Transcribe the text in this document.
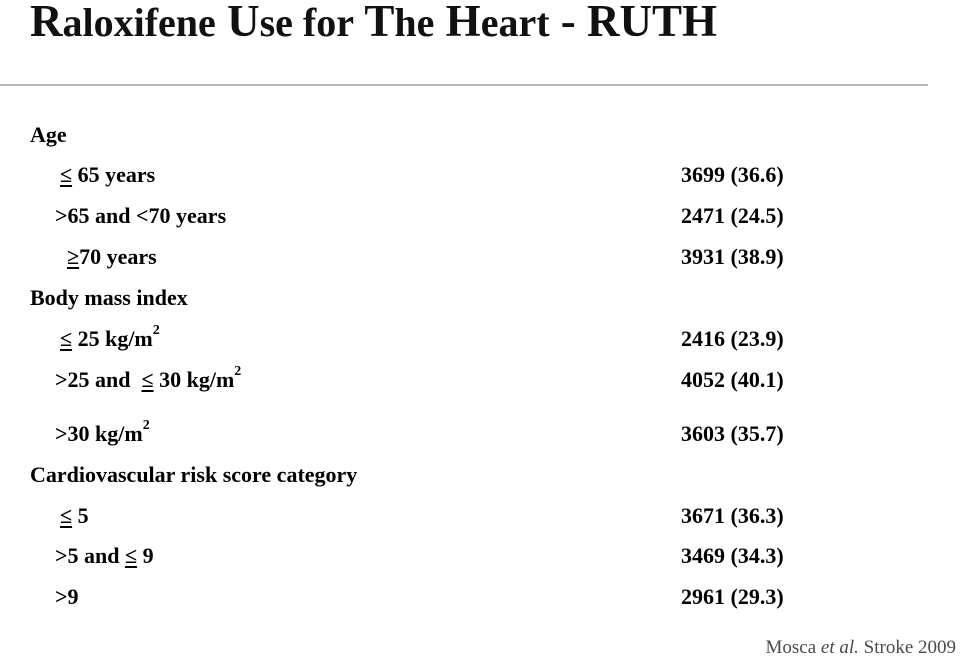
Raloxifene Use for The Heart - RUTH
Age
≤ 65 years	3699 (36.6)
>65 and <70 years	2471 (24.5)
≥70 years	3931 (38.9)
Body mass index
≤ 25 $kg/m^2$	2416 (23.9)
>25 and  ≤ 30 $kg/m^2$	4052 (40.1)
>30 $kg/m^2$	3603 (35.7)
Cardiovascular risk score category
≤ 5	3671 (36.3)
>5 and ≤ 9	3469 (34.3)
>9	2961 (29.3)
Mosca et al. Stroke 2009
